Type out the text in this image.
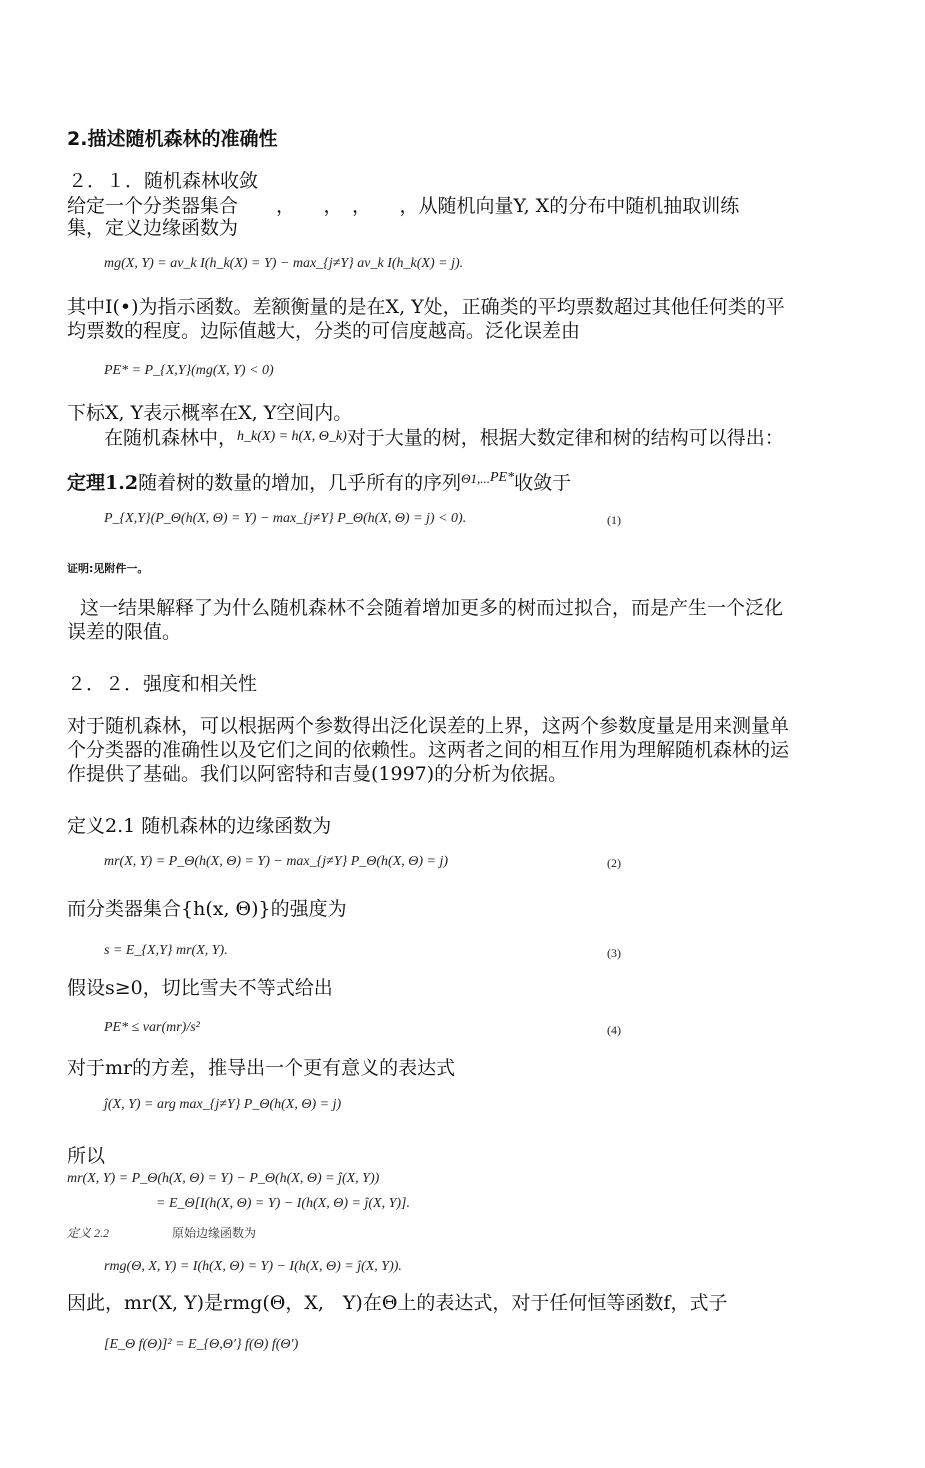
2.描述随机森林的准确性
２．１．随机森林收敛
给定一个分类器集合　　，　　，　，　　，从随机向量Y, X的分布中随机抽取训练
集，定义边缘函数为
mg(X, Y) = av_k I(h_k(X) = Y) − max_{j≠Y} av_k I(h_k(X) = j).
其中I(•)为指示函数。差额衡量的是在X, Y处，正确类的平均票数超过其他任何类的平
均票数的程度。边际值越大，分类的可信度越高。泛化误差由
PE* = P_{X,Y}(mg(X, Y) < 0)
下标X, Y表示概率在X, Y空间内。
在随机森林中，$^{h\_k(X) = h(X, \Theta\_k)}$对于大量的树，根据大数定律和树的结构可以得出：
定理1.2随着树的数量的增加，几乎所有的序列$^{\Theta 1,...PE*}$收敛于
P_{X,Y}(P_Θ(h(X, Θ) = Y) − max_{j≠Y} P_Θ(h(X, Θ) = j) < 0).	(1)
证明:见附件一。
这一结果解释了为什么随机森林不会随着增加更多的树而过拟合，而是产生一个泛化
误差的限值。
２．２．强度和相关性
对于随机森林，可以根据两个参数得出泛化误差的上界，这两个参数度量是用来测量单
个分类器的准确性以及它们之间的依赖性。这两者之间的相互作用为理解随机森林的运
作提供了基础。我们以阿密特和吉曼(1997)的分析为依据。
定义2.1 随机森林的边缘函数为
mr(X, Y) = P_Θ(h(X, Θ) = Y) − max_{j≠Y} P_Θ(h(X, Θ) = j)	(2)
而分类器集合{h(x, Θ)}的强度为
s = E_{X,Y} mr(X, Y).	(3)
假设s≥0，切比雪夫不等式给出
PE* ≤ var(mr)/s²	(4)
对于mr的方差，推导出一个更有意义的表达式
ĵ(X, Y) = arg max_{j≠Y} P_Θ(h(X, Θ) = j)
所以
mr(X, Y) = P_Θ(h(X, Θ) = Y) − P_Θ(h(X, Θ) = ĵ(X, Y))
= E_Θ[I(h(X, Θ) = Y) − I(h(X, Θ) = ĵ(X, Y)].
定义 2.2	原始边缘函数为
rmg(Θ, X, Y) = I(h(X, Θ) = Y) − I(h(X, Θ) = ĵ(X, Y)).
因此，mr(X, Y)是rmg(Θ，X,　Y)在Θ上的表达式，对于任何恒等函数f，式子
[E_Θ f(Θ)]² = E_{Θ,Θ′} f(Θ) f(Θ′)
